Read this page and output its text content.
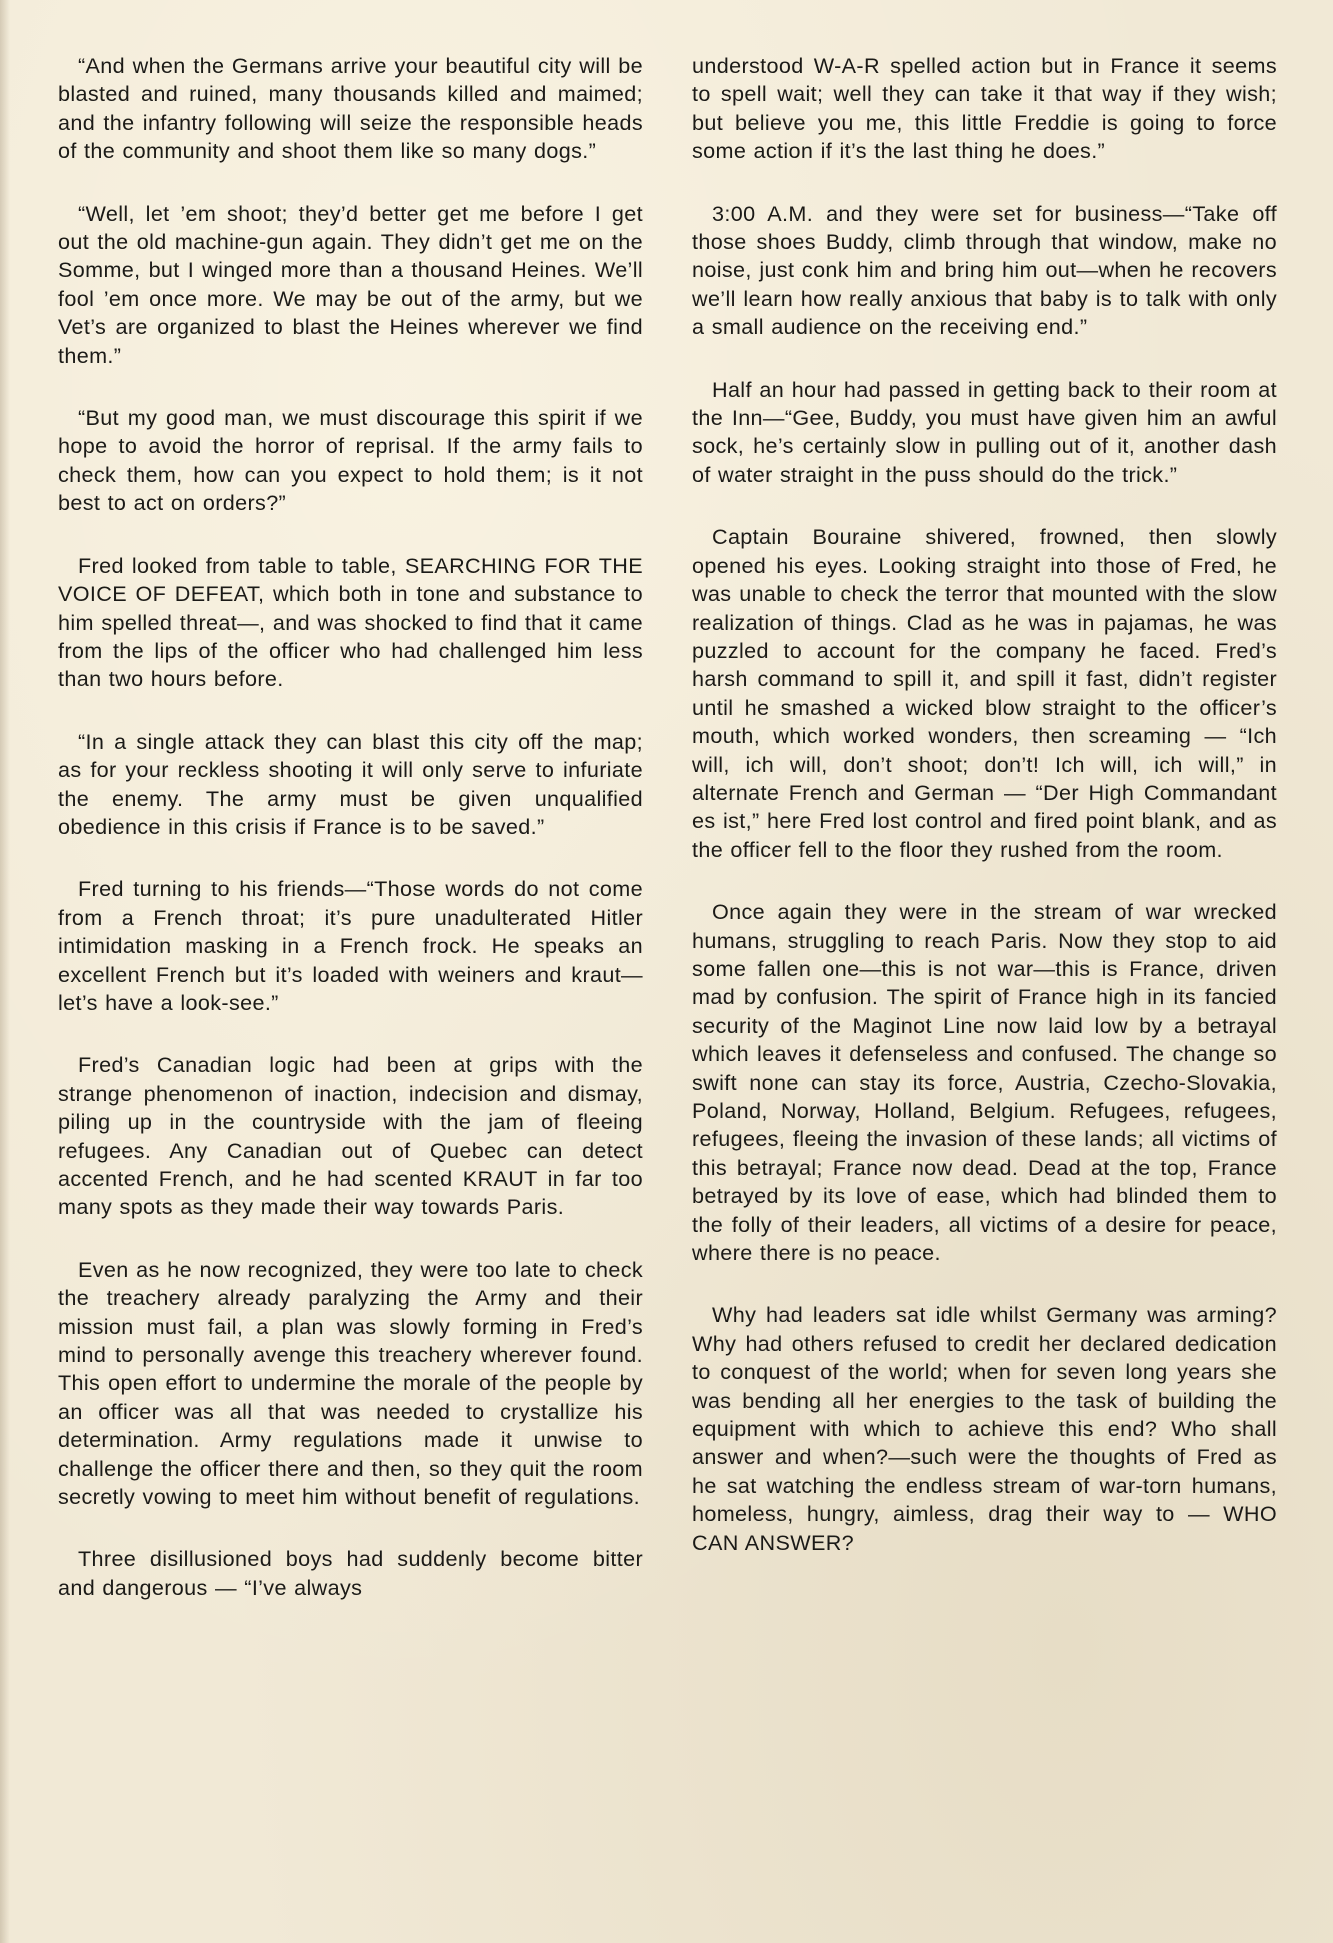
“And when the Germans arrive your beautiful city will be blasted and ruined, many thousands killed and maimed; and the infantry following will seize the responsible heads of the community and shoot them like so many dogs.”

“Well, let ’em shoot; they’d better get me before I get out the old machine-gun again. They didn’t get me on the Somme, but I winged more than a thousand Heines. We’ll fool ’em once more. We may be out of the army, but we Vet’s are organized to blast the Heines wherever we find them.”

“But my good man, we must discourage this spirit if we hope to avoid the horror of reprisal. If the army fails to check them, how can you expect to hold them; is it not best to act on orders?”

Fred looked from table to table, SEARCHING FOR THE VOICE OF DEFEAT, which both in tone and substance to him spelled threat—, and was shocked to find that it came from the lips of the officer who had challenged him less than two hours before.

“In a single attack they can blast this city off the map; as for your reckless shooting it will only serve to infuriate the enemy. The army must be given unqualified obedience in this crisis if France is to be saved.”

Fred turning to his friends—“Those words do not come from a French throat; it’s pure unadulterated Hitler intimidation masking in a French frock. He speaks an excellent French but it’s loaded with weiners and kraut—let’s have a look-see.”

Fred’s Canadian logic had been at grips with the strange phenomenon of inaction, indecision and dismay, piling up in the countryside with the jam of fleeing refugees. Any Canadian out of Quebec can detect accented French, and he had scented KRAUT in far too many spots as they made their way towards Paris.

Even as he now recognized, they were too late to check the treachery already paralyzing the Army and their mission must fail, a plan was slowly forming in Fred’s mind to personally avenge this treachery wherever found. This open effort to undermine the morale of the people by an officer was all that was needed to crystallize his determination. Army regulations made it unwise to challenge the officer there and then, so they quit the room secretly vowing to meet him without benefit of regulations.

Three disillusioned boys had suddenly become bitter and dangerous — “I’ve always

understood W-A-R spelled action but in France it seems to spell wait; well they can take it that way if they wish; but believe you me, this little Freddie is going to force some action if it’s the last thing he does.”

3:00 A.M. and they were set for business—“Take off those shoes Buddy, climb through that window, make no noise, just conk him and bring him out—when he recovers we’ll learn how really anxious that baby is to talk with only a small audience on the receiving end.”

Half an hour had passed in getting back to their room at the Inn—“Gee, Buddy, you must have given him an awful sock, he’s certainly slow in pulling out of it, another dash of water straight in the puss should do the trick.”

Captain Bouraine shivered, frowned, then slowly opened his eyes. Looking straight into those of Fred, he was unable to check the terror that mounted with the slow realization of things. Clad as he was in pajamas, he was puzzled to account for the company he faced. Fred’s harsh command to spill it, and spill it fast, didn’t register until he smashed a wicked blow straight to the officer’s mouth, which worked wonders, then screaming — “Ich will, ich will, don’t shoot; don’t! Ich will, ich will,” in alternate French and German — “Der High Commandant es ist,” here Fred lost control and fired point blank, and as the officer fell to the floor they rushed from the room.

Once again they were in the stream of war wrecked humans, struggling to reach Paris. Now they stop to aid some fallen one—this is not war—this is France, driven mad by confusion. The spirit of France high in its fancied security of the Maginot Line now laid low by a betrayal which leaves it defenseless and confused. The change so swift none can stay its force, Austria, Czecho-Slovakia, Poland, Norway, Holland, Belgium. Refugees, refugees, refugees, fleeing the invasion of these lands; all victims of this betrayal; France now dead. Dead at the top, France betrayed by its love of ease, which had blinded them to the folly of their leaders, all victims of a desire for peace, where there is no peace.

Why had leaders sat idle whilst Germany was arming? Why had others refused to credit her declared dedication to conquest of the world; when for seven long years she was bending all her energies to the task of building the equipment with which to achieve this end? Who shall answer and when?—such were the thoughts of Fred as he sat watching the endless stream of war-torn humans, homeless, hungry, aimless, drag their way to — WHO CAN ANSWER?
